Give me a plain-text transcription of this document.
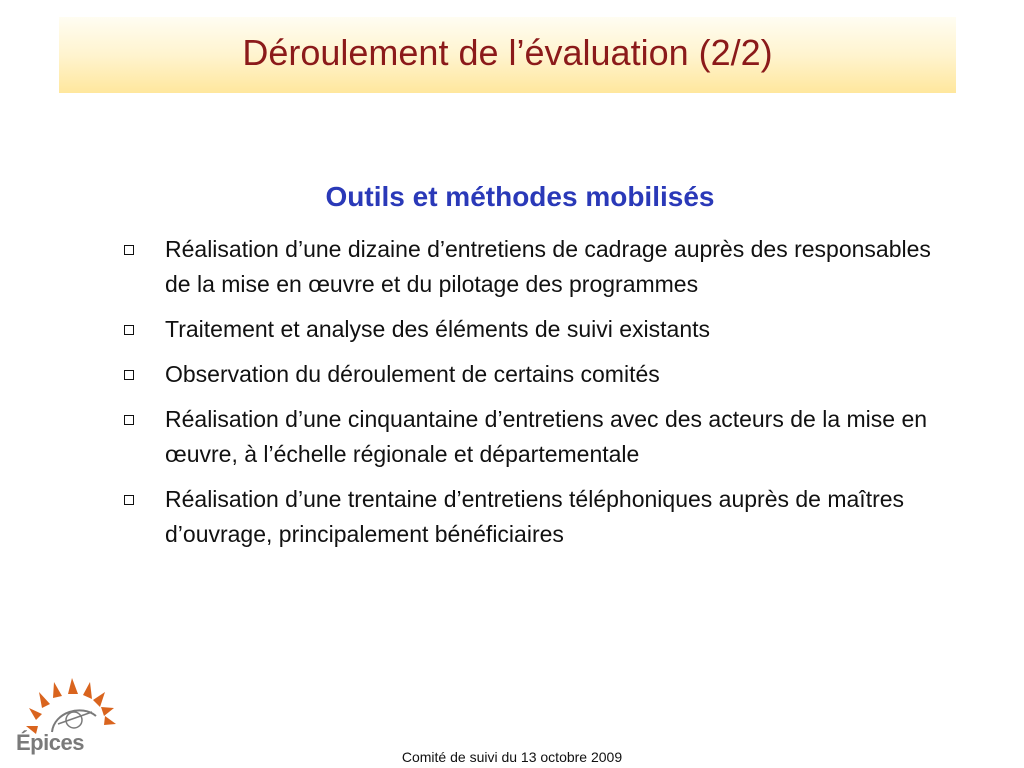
Déroulement de l’évaluation (2/2)
Outils et méthodes mobilisés
Réalisation d’une dizaine d’entretiens de cadrage auprès des responsables de la mise en œuvre et du pilotage des programmes
Traitement et analyse des éléments de suivi existants
Observation du déroulement de certains comités
Réalisation d’une cinquantaine d’entretiens avec des acteurs de la mise en œuvre, à l’échelle régionale et départementale
Réalisation d’une trentaine d’entretiens téléphoniques auprès de maîtres d’ouvrage, principalement bénéficiaires
Épices
Comité de suivi du 13 octobre 2009
